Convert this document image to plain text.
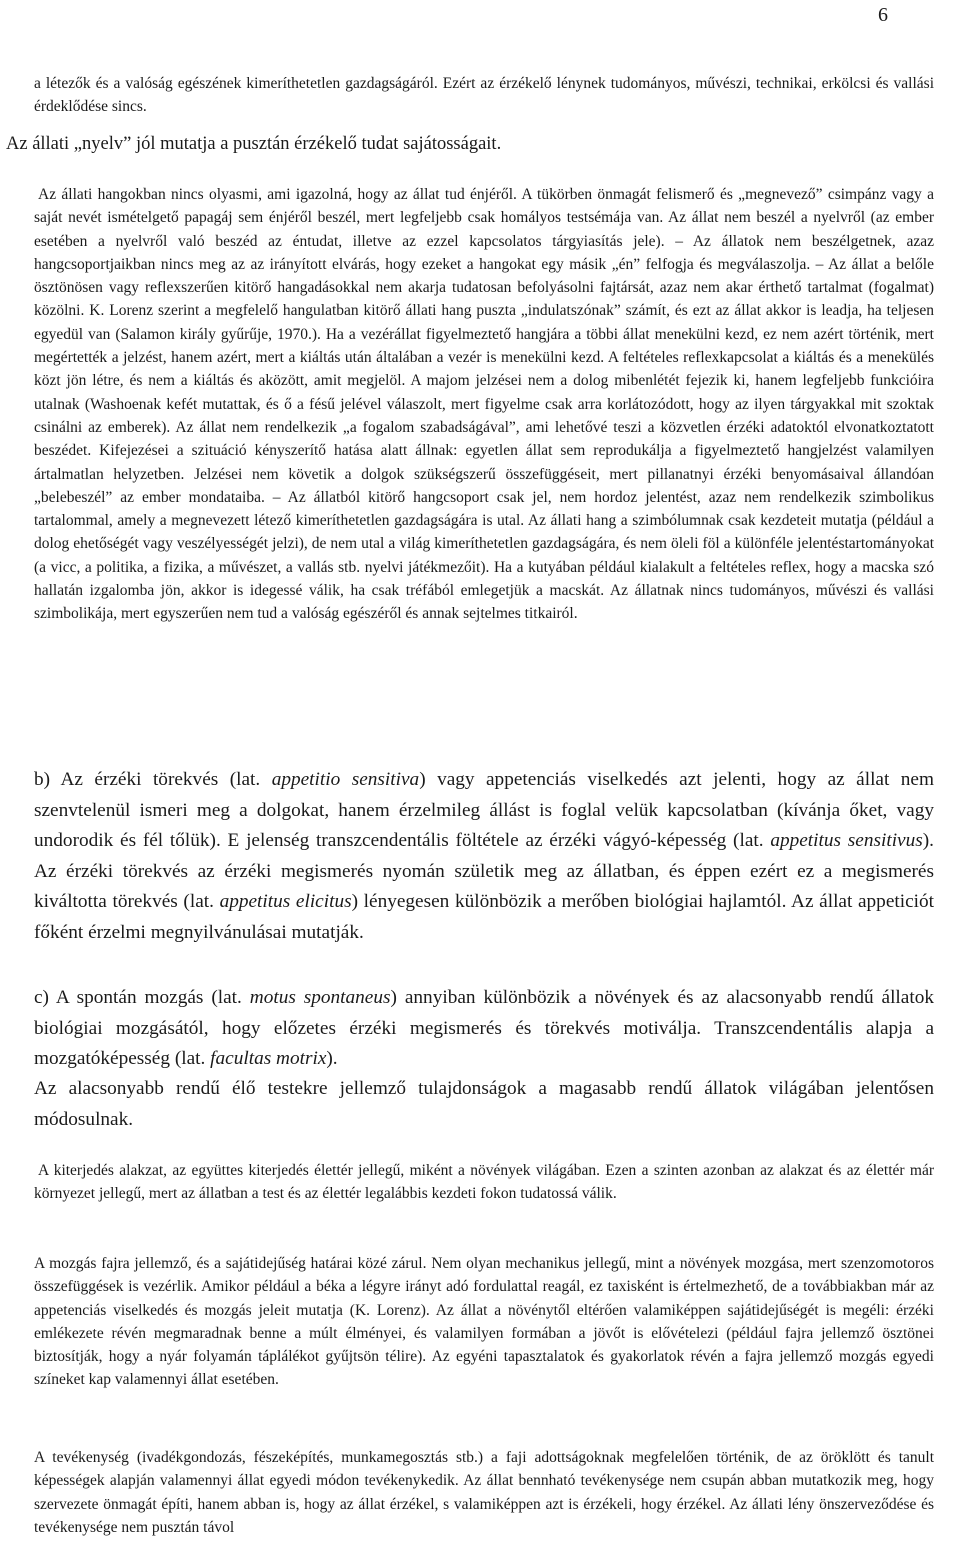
6

a létezők és a valóság egészének kimeríthetetlen gazdagságáról. Ezért az érzékelő lénynek tudományos, művészi, technikai, erkölcsi és vallási érdeklődése sincs.

Az állati „nyelv” jól mutatja a pusztán érzékelő tudat sajátosságait.

Az állati hangokban nincs olyasmi, ami igazolná, hogy az állat tud énjéről. A tükörben önmagát felismerő és „megnevező” csimpánz vagy a saját nevét ismételgető papagáj sem énjéről beszél, mert legfeljebb csak homályos testsémája van. Az állat nem beszél a nyelvről (az ember esetében a nyelvről való beszéd az éntudat, illetve az ezzel kapcsolatos tárgyiasítás jele). – Az állatok nem beszélgetnek, azaz hangcsoportjaikban nincs meg az az irányított elvárás, hogy ezeket a hangokat egy másik „én” felfogja és megválaszolja. – Az állat a belőle ösztönösen vagy reflexszerűen kitörő hangadásokkal nem akarja tudatosan befolyásolni fajtársát, azaz nem akar érthető tartalmat (fogalmat) közölni. K. Lorenz szerint a megfelelő hangulatban kitörő állati hang puszta „indulatszónak” számít, és ezt az állat akkor is leadja, ha teljesen egyedül van (Salamon király gyűrűje, 1970.). Ha a vezérállat figyelmeztető hangjára a többi állat menekülni kezd, ez nem azért történik, mert megértették a jelzést, hanem azért, mert a kiáltás után általában a vezér is menekülni kezd. A feltételes reflexkapcsolat a kiáltás és a menekülés közt jön létre, és nem a kiáltás és aközött, amit megjelöl. A majom jelzései nem a dolog mibenlétét fejezik ki, hanem legfeljebb funkcióira utalnak (Washoenak kefét mutattak, és ő a fésű jelével válaszolt, mert figyelme csak arra korlátozódott, hogy az ilyen tárgyakkal mit szoktak csinálni az emberek). Az állat nem rendelkezik „a fogalom szabadságával”, ami lehetővé teszi a közvetlen érzéki adatoktól elvonatkoztatott beszédet. Kifejezései a szituáció kényszerítő hatása alatt állnak: egyetlen állat sem reprodukálja a figyelmeztető hangjelzést valamilyen ártalmatlan helyzetben. Jelzései nem követik a dolgok szükségszerű összefüggéseit, mert pillanatnyi érzéki benyomásaival állandóan „belebeszél” az ember mondataiba. – Az állatból kitörő hangcsoport csak jel, nem hordoz jelentést, azaz nem rendelkezik szimbolikus tartalommal, amely a megnevezett létező kimeríthetetlen gazdagságára is utal. Az állati hang a szimbólumnak csak kezdeteit mutatja (például a dolog ehetőségét vagy veszélyességét jelzi), de nem utal a világ kimeríthetetlen gazdagságára, és nem öleli föl a különféle jelentéstartományokat (a vicc, a politika, a fizika, a művészet, a vallás stb. nyelvi játékmezőit). Ha a kutyában például kialakult a feltételes reflex, hogy a macska szó hallatán izgalomba jön, akkor is idegessé válik, ha csak tréfából emlegetjük a macskát. Az állatnak nincs tudományos, művészi és vallási szimbolikája, mert egyszerűen nem tud a valóság egészéről és annak sejtelmes titkairól.

b) Az érzéki törekvés (lat. appetitio sensitiva) vagy appetenciás viselkedés azt jelenti, hogy az állat nem szenvtelenül ismeri meg a dolgokat, hanem érzelmileg állást is foglal velük kapcsolatban (kívánja őket, vagy undorodik és fél tőlük). E jelenség transzcendentális föltétele az érzéki vágyó-képesség (lat. appetitus sensitivus). Az érzéki törekvés az érzéki megismerés nyomán születik meg az állatban, és éppen ezért ez a megismerés kiváltotta törekvés (lat. appetitus elicitus) lényegesen különbözik a merőben biológiai hajlamtól. Az állat appeticiót főként érzelmi megnyilvánulásai mutatják.

c) A spontán mozgás (lat. motus spontaneus) annyiban különbözik a növények és az alacsonyabb rendű állatok biológiai mozgásától, hogy előzetes érzéki megismerés és törekvés motiválja. Transzcendentális alapja a mozgatóképesség (lat. facultas motrix).

Az alacsonyabb rendű élő testekre jellemző tulajdonságok a magasabb rendű állatok világában jelentősen módosulnak.

A kiterjedés alakzat, az együttes kiterjedés élettér jellegű, miként a növények világában. Ezen a szinten azonban az alakzat és az élettér már környezet jellegű, mert az állatban a test és az élettér legalábbis kezdeti fokon tudatossá válik.

A mozgás fajra jellemző, és a sajátidejűség határai közé zárul. Nem olyan mechanikus jellegű, mint a növények mozgása, mert szenzomotoros összefüggések is vezérlik. Amikor például a béka a légyre irányt adó fordulattal reagál, ez taxisként is értelmezhető, de a továbbiakban már az appetenciás viselkedés és mozgás jeleit mutatja (K. Lorenz). Az állat a növénytől eltérően valamiképpen sajátidejűségét is megéli: érzéki emlékezete révén megmaradnak benne a múlt élményei, és valamilyen formában a jövőt is elővételezi (például fajra jellemző ösztönei biztosítják, hogy a nyár folyamán táplálékot gyűjtsön télire). Az egyéni tapasztalatok és gyakorlatok révén a fajra jellemző mozgás egyedi színeket kap valamennyi állat esetében.

A tevékenység (ivadékgondozás, fészeképítés, munkamegosztás stb.) a faji adottságoknak megfelelően történik, de az öröklött és tanult képességek alapján valamennyi állat egyedi módon tevékenykedik. Az állat bennható tevékenysége nem csupán abban mutatkozik meg, hogy szervezete önmagát építi, hanem abban is, hogy az állat érzékel, s valamiképpen azt is érzékeli, hogy érzékel. Az állati lény önszerveződése és tevékenysége nem pusztán távol
